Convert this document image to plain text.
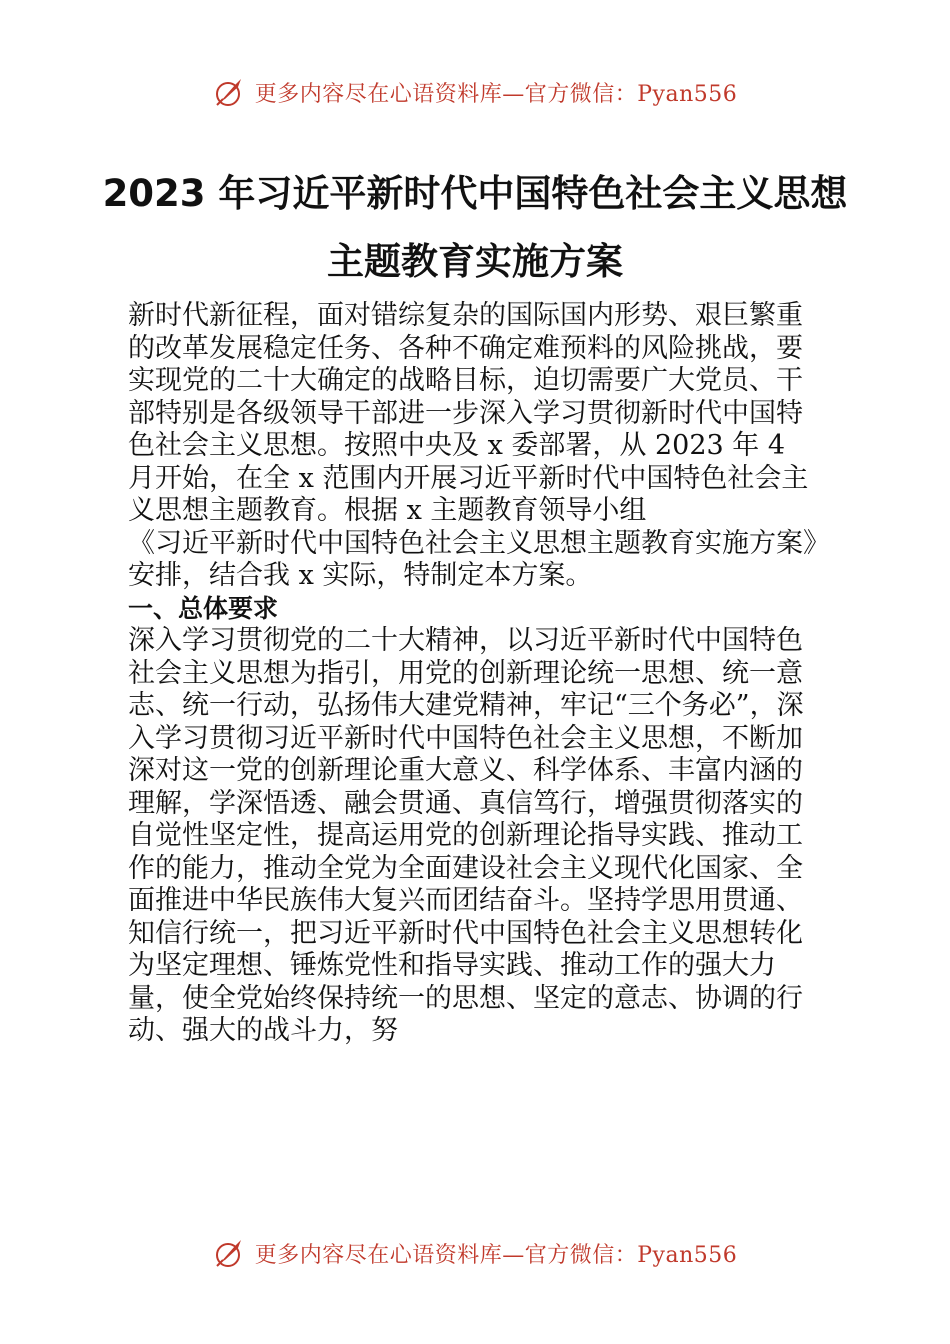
更多内容尽在心语资料库—官方微信：Pyan556
2023 年习近平新时代中国特色社会主义思想主题教育实施方案

新时代新征程，面对错综复杂的国际国内形势、艰巨繁重的改革发展稳定任务、各种不确定难预料的风险挑战，要实现党的二十大确定的战略目标，迫切需要广大党员、干部特别是各级领导干部进一步深入学习贯彻新时代中国特色社会主义思想。按照中央及 x 委部署，从 2023 年 4 月开始，在全 x 范围内开展习近平新时代中国特色社会主义思想主题教育。根据 x 主题教育领导小组

《习近平新时代中国特色社会主义思想主题教育实施方案》安排，结合我 x 实际，特制定本方案。

一、总体要求

深入学习贯彻党的二十大精神，以习近平新时代中国特色社会主义思想为指引，用党的创新理论统一思想、统一意志、统一行动，弘扬伟大建党精神，牢记“三个务必”，深入学习贯彻习近平新时代中国特色社会主义思想，不断加深对这一党的创新理论重大意义、科学体系、丰富内涵的理解，学深悟透、融会贯通、真信笃行，增强贯彻落实的自觉性坚定性，提高运用党的创新理论指导实践、推动工作的能力，推动全党为全面建设社会主义现代化国家、全面推进中华民族伟大复兴而团结奋斗。坚持学思用贯通、知信行统一，把习近平新时代中国特色社会主义思想转化为坚定理想、锤炼党性和指导实践、推动工作的强大力量，使全党始终保持统一的思想、坚定的意志、协调的行动、强大的战斗力，努

更多内容尽在心语资料库—官方微信：Pyan556
